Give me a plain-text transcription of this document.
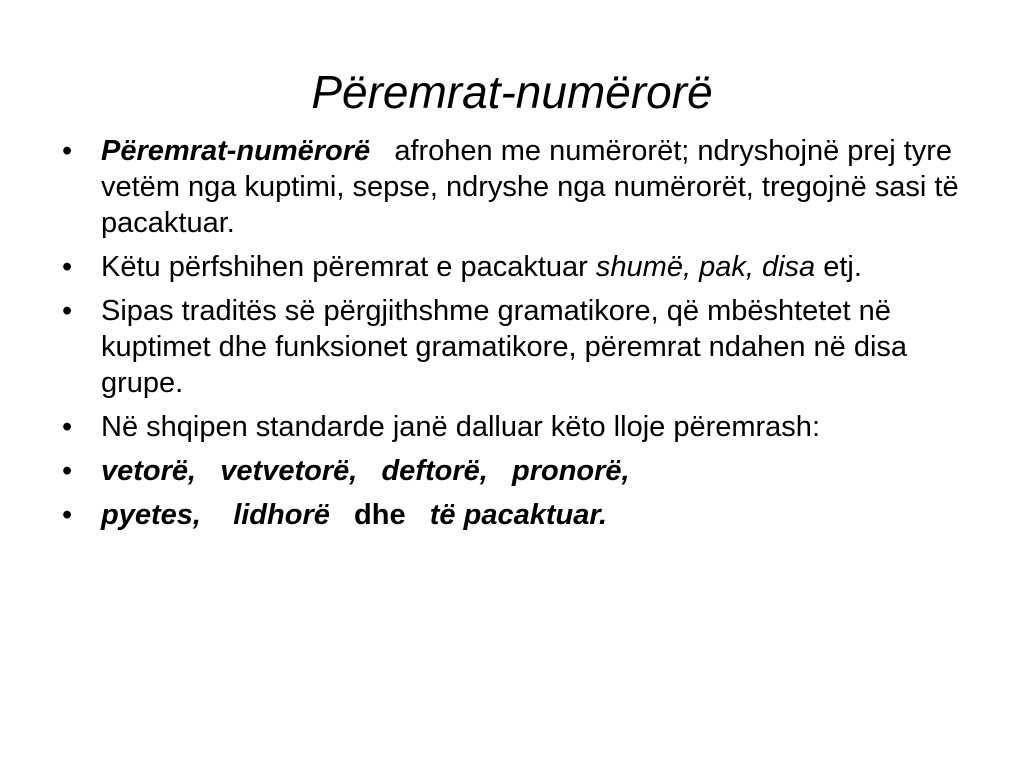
Përemrat-numërorë
• Përemrat-numërorë afrohen me numërorët; ndryshojnë prej tyre vetëm nga kuptimi, sepse, ndryshe nga numërorët, tregojnë sasi të pacaktuar.
• Këtu përfshihen përemrat e pacaktuar shumë, pak, disa etj.
• Sipas traditës së përgjithshme gramatikore, që mbështetet në kuptimet dhe funksionet gramatikore, përemrat ndahen në disa grupe.
• Në shqipen standarde janë dalluar këto lloje përemrash:
• vetorë, vetvetorë, deftorë, pronorë,
• pyetes, lidhorë dhe të pacaktuar.
